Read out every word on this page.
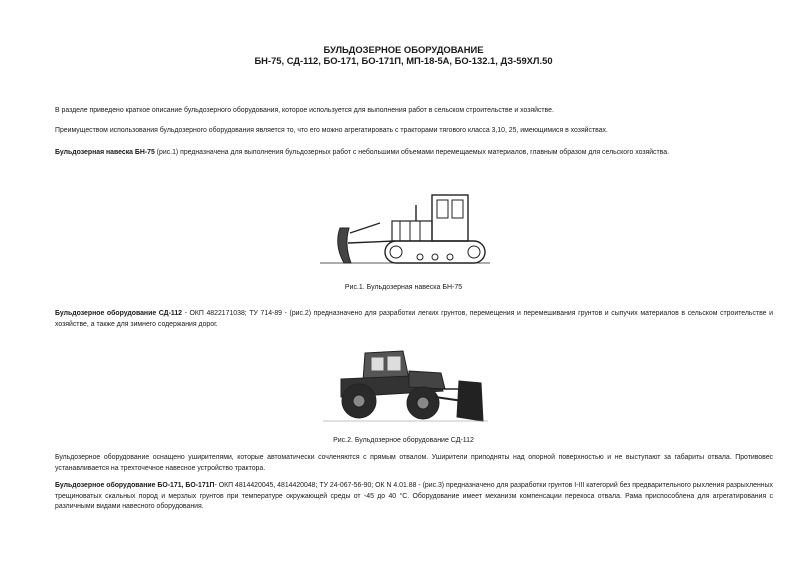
БУЛЬДОЗЕРНОЕ ОБОРУДОВАНИЕ
БН-75, СД-112, БО-171, БО-171П, МП-18-5А, БО-132.1, ДЗ-59ХЛ.50

В разделе приведено краткое описание бульдозерного оборудования, которое используется для выполнения работ в сельском строительстве и хозяйстве.

Преимуществом использования бульдозерного оборудования является то, что его можно агрегатировать с тракторами тягового класса 3,10, 25, имеющимися в хозяйствах.

Бульдозерная навеска БН-75 (рис.1) предназначена для выполнения бульдозерных работ с небольшими объемами перемещаемых материалов, главным образом для сельского хозяйства.

Рис.1. Бульдозерная навеска БН-75

Бульдозерное оборудование СД-112 - ОКП 4822171038; ТУ 714-89 - (рис.2) предназначено для разработки легких грунтов, перемещения и перемешивания грунтов и сыпучих материалов в сельском строительстве и хозяйстве, а также для зимнего содержания дорог.

Рис.2. Бульдозерное оборудование СД-112

Бульдозерное оборудование оснащено уширителями, которые автоматически сочленяются с прямым отвалом. Уширители приподняты над опорной поверхностью и не выступают за габариты отвала. Противовес устанавливается на трехточечное навесное устройство трактора.

Бульдозерное оборудование БО-171, БО-171П- ОКП 4814420045, 4814420048; ТУ 24-067-56-90; ОК N 4.01.88 - (рис.3) предназначено для разработки грунтов I-III категорий без предварительного рыхления разрыхленных трещиноватых скальных пород и мерзлых грунтов при температуре окружающей среды от -45 до 40 °С. Оборудование имеет механизм компенсации перекоса отвала. Рама приспособлена для агрегатирования с различными видами навесного оборудования.
